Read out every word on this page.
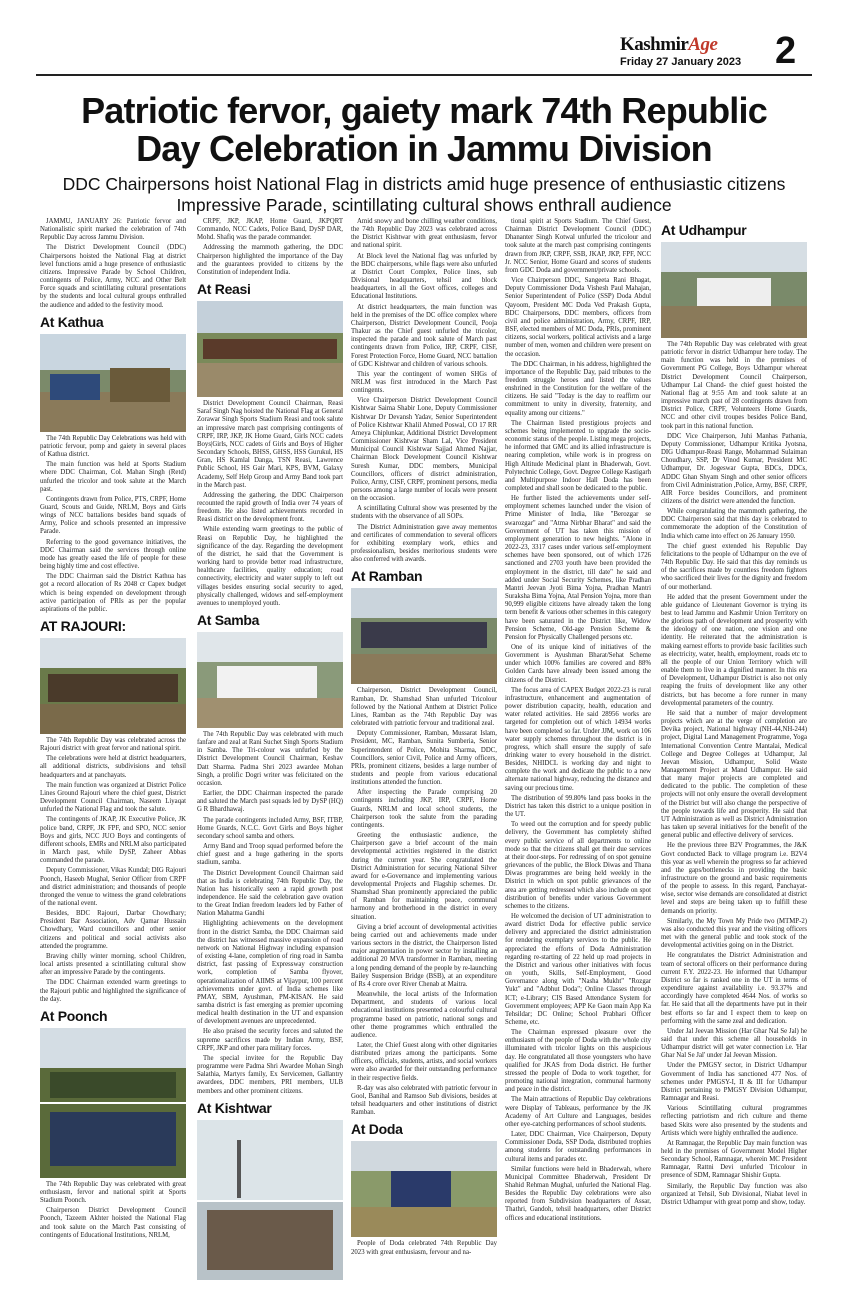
KashmirAge
Friday 27 January 2023 2
Patriotic fervor, gaiety mark 74th Republic
Day Celebration in Jammu Division
DDC Chairpersons hoist National Flag in districts amid huge presence of enthusiastic citizens
Impressive Parade, scintillating cultural shows enthrall audience

JAMMU, JANUARY 26: Patriotic fervor and Nationalistic spirit marked the celebration of 74th Republic Day across Jammu Division.

The District Development Council (DDC) Chairpersons hoisted the National Flag at district level functions amid a huge presence of enthusiastic citizens. Impressive Parade by School Children, contingents of Police, Army, NCC and Other Belt Force squads and scintillating cultural presentations by the students and local cultural groups enthralled the audience and added to the festivity mood.

At Kathua

The 74th Republic Day Celebrations was held with patriotic fervour, pomp and gaiety in several places of Kathua district.

The main function was held at Sports Stadium where DDC Chairman, Col. Mahan Singh (Retd) unfurled the tricolor and took salute at the March past.

Contingents drawn from Police, PTS, CRPF, Home Guard, Scouts and Guide, NRLM, Boys and Girls wings of NCC battalions besides band squads of Army, Police and schools presented an impressive Parade.

Referring to the good governance initiatives, the DDC Chairman said the services through online mode has greatly eased the life of people for these being highly time and cost effective.

The DDC Chairman said the District Kathua has got a record allocation of Rs 2048 cr Capex budget which is being expended on development through active participation of PRIs as per the popular aspirations of the public.

AT RAJOURI:

The 74th Republic Day was celebrated across the Rajouri district with great fervor and national spirit.

The celebrations were held at district headquarters, all additional districts, subdivisions and tehsil headquarters and at panchayats.

The main function was organized at District Police Lines Ground Rajouri where the chief guest, District Development Council Chairman, Naseem Liyaqat unfurled the National Flag and took the salute.

The contingents of JKAP, JK Executive Police, JK police band, CRPF, JK FPF, and SPO, NCC senior Boys and girls, NCC JUO Boys and contingents of different schools, EMRs and NRLM also participated in March past, while DySP, Zaheer Abbas commanded the parade.

Deputy Commissioner, Vikas Kundal; DIG Rajouri Poonch, Haseeb Mughal, Senior Officer from CRPF and district administration; and thousands of people thronged the venue to witness the grand celebrations of the national event.

Besides, BDC Rajouri, Darbar Chowdhary; President Bar Association, Adv Qamar Hussain Chowdhary, Ward councillors and other senior citizens and political and social activists also attended the programme.

Braving chilly winter morning, school Children, local artists presented a scintillating cultural show after an impressive Parade by the contingents.

The DDC Chairman extended warm greetings to the Rajouri public and highlighted the significance of the day.

At Poonch

The 74th Republic Day was celebrated with great enthusiasm, fervor and national spirit at Sports Stadium Poonch.

Chairperson District Development Council Poonch, Tazeem Akhter hoisted the National Flag and took salute on the March Past consisting of contingents of Educational Institutions, NRLM,

CRPF, JKP, JKAP, Home Guard, JKPQRT Commando, NCC Cadets, Police Band, DySP DAR, Mohd. Shafiq was the parade commander.

Addressing the mammoth gathering, the DDC Chairperson highlighted the importance of the Day and the guarantees provided to citizens by the Constitution of independent India.

At Reasi

District Development Council Chairman, Reasi Saraf Singh Nag hoisted the National Flag at General Zorawar Singh Sports Stadium Reasi and took salute an impressive march past comprising contingents of CRPF, IRP, JKP, JK Home Guard, Girls NCC cadets Boys|Girls, NCC cadets of Girls and Boys of Higher Secondary Schools, BHSS, GHSS, HSS Gurukul, HS Gran, HS Kamlal Danga, TSN Reasi, Lawrence Public School, HS Gair Mari, KPS, BVM, Galaxy Academy, Self Help Group and Army Band took part in the March past.

Addressing the gathering, the DDC Chairperson recounted the rapid growth of India over 74 years of freedom. He also listed achievements recorded in Reasi district on the development front.

While extending warm greetings to the public of Reasi on Republic Day, he highlighted the significance of the day. Regarding the development of the district, he said that the Government is working hard to provide better road infrastructure, healthcare facilities, quality education; road connectivity, electricity and water supply to left out villages besides ensuring social security to aged, physically challenged, widows and self-employment avenues to unemployed youth.

At Samba

The 74th Republic Day was celebrated with much fanfare and zeal at Rani Suchet Singh Sports Stadium in Samba. The Tri-colour was unfurled by the District Development Council Chairman, Keshav Datt Sharma. Padma Shri 2023 awardee Mohan Singh, a prolific Dogri writer was felicitated on the occasion.

Earlier, the DDC Chairman inspected the parade and saluted the March past squads led by DySP (HQ) G R Bhardhawaj.

The parade contingents included Army, BSF, ITBP, Home Guards, N.C.C. Govt Girls and Boys higher secondary school samba and others.

Army Band and Troop squad performed before the chief guest and a huge gathering in the sports stadium, samba.

The District Development Council Chairman said that as India is celebrating 74th Republic Day, the Nation has historically seen a rapid growth post independence. He said the celebration gave ovation to the Great Indian freedom leaders led by Father of Nation Mahatma Gandhi

Highlighting achievements on the development front in the district Samba, the DDC Chairman said the district has witnessed massive expansion of road network on National Highway including expansion of existing 4-lane, completion of ring road in Samba district, fast passing of Expressway construction work, completion of Samba flyover, operationalization of AIIMS at Vijaypur, 100 percent achievements under govt. of India schemes like PMAY, SBM, Ayushman, PM-KISAN. He said samba district is fast emerging as premier upcoming medical health destination in the UT and expansion of development avenues are unprecedented.

He also praised the security forces and saluted the supreme sacrifices made by Indian Army, BSF, CRPF, JKP and other para military forces.

The special invitee for the Republic Day programme were Padma Shri Awardee Mohan Singh Salathia, Martyrs family, Ex Servicemen, Gallantry awardees, DDC members, PRI members, ULB members and other prominent citizens.

At Kishtwar

Amid snowy and bone chilling weather conditions, the 74th Republic Day 2023 was celebrated across the District Kishtwar with great enthusiasm, fervor and national spirit.

At Block level the National flag was unfurled by the BDC chairpersons, while flags were also unfurled at District Court Complex, Police lines, sub Divisional headquarters, tehsil and block headquarters, in all the Govt offices, colleges and Educational Institutions.

At district headquarters, the main function was held in the premises of the DC office complex where Chairperson, District Development Council, Pooja Thakur as the Chief guest unfurled the tricolor, inspected the parade and took salute of March past contingents drawn from Police, IRP, CRPF, CISF, Forest Protection Force, Home Guard, NCC battalion of GDC Kishtwar and children of various schools.

This year the contingent of women SHGs of NRLM was first introduced in the March Past contingents.

Vice Chairperson District Development Council Kishtwar Saima Shabir Lone, Deputy Commissioner Kishtwar Dr Devansh Yadav, Senior Superintendent of Police Kishtwar Khalil Ahmed Poswal, CO 17 RR Ameya Chiplunkar, Additional District Development Commissioner Kishtwar Sham Lal, Vice President Municipal Council Kishtwar Sajjad Ahmed Najjar, Chairman Block Development Council Kishtwar Suresh Kumar, DDC members, Municipal Councillors, officers of district administration, Police, Army, CISF, CRPF, prominent persons, media persons among a large number of locals were present on the occasion.

A scintillating Cultural show was presented by the students with the observance of all SOPs.

The District Administration gave away mementos and certificates of commendation to several officers for exhibiting exemplary work, ethics and professionalism, besides meritorious students were also conferred with awards.

At Ramban

Chairperson, District Development Council, Ramban, Dr. Shamshad Shan unfurled Tricolour followed by the National Anthem at District Police Lines, Ramban as the 74th Republic Day was celebrated with patriotic fervour and traditional zeal.

Deputy Commissioner, Ramban, Mussarat Islam, President, MC, Ramban, Sunita Sumberia, Senior Superintendent of Police, Mohita Sharma, DDC, Councillors, senior Civil, Police and Army officers, PRIs, prominent citizens, besides a large number of students and people from various educational institutions attended the function.

After inspecting the Parade comprising 20 contingents including JKP, IRP, CRPF, Home Guards, NRLM and local school students, the Chairperson took the salute from the parading contingents.

Greeting the enthusiastic audience, the Chairperson gave a brief account of the main developmental activities registered in the district during the current year. She congratulated the District Administration for securing National Silver award for e-Governance and implementing various developmental Projects and Flagship schemes. Dr. Shamshad Shan prominently appreciated the public of Ramban for maintaining peace, communal harmony and brotherhood in the district in every situation.

Giving a brief account of developmental activities being carried out and achievements made under various sectors in the district, the Chairperson listed major augmentation in power sector by installing an additional 20 MVA transformer in Ramban, meeting a long pending demand of the people by re-launching Bailey Suspension Bridge (BSB), at an expenditure of Rs 4 crore over River Chenab at Maitra.

Meanwhile, the local artists of the Information Department, and students of various local educational institutions presented a colourful cultural programme based on patriotic, national songs and other theme programmes which enthralled the audience.

Later, the Chief Guest along with other dignitaries distributed prizes among the participants. Some officers, officials, students, artists, and social workers were also awarded for their outstanding performance in their respective fields.

R-day was also celebrated with patriotic fervour in Gool, Banihal and Ramsoo Sub divisions, besides at tehsil headquarters and other institutions of district Ramban.

At Doda

People of Doda celebrated 74th Republic Day 2023 with great enthusiasm, fervour and na-

tional spirit at Sports Stadium. The Chief Guest, Chairman District Development Council (DDC) Dhananter Singh Kotwal unfurled the tricolour and took salute at the march past comprising contingents drawn from JKP, CRPF, SSB, JKAP, JKP, FPF, NCC Jr. NCC Senior, Home Guard and scores of students from GDC Doda and government/private schools.

Vice Chairperson DDC, Sangeeta Rani Bhagat, Deputy Commissioner Doda Vishesh Paul Mahajan, Senior Superintendent of Police (SSP) Doda Abdul Qayoom, President MC Doda Ved Prakash Gupta, BDC Chairpersons, DDC members, officers from civil and police administration, Army, CRPF, IRP, BSF, elected members of MC Doda, PRIs, prominent citizens, social workers, political activists and a large number of men, women and children were present on the occasion.

The DDC Chairman, in his address, highlighted the importance of the Republic Day, paid tributes to the freedom struggle heroes and listed the values enshrined in the Constitution for the welfare of the citizens. He said "Today is the day to reaffirm our commitment to unity in diversity, fraternity, and equality among our citizens."

The Chairman listed prestigious projects and schemes being implemented to upgrade the socio-economic status of the people. Listing mega projects, he informed that GMC and its allied infrastructure is nearing completion, while work is in progress on High Altitude Medicinal plant in Bhaderwah, Govt. Polytechnic College, Govt. Degree College Kastigarh and Multipurpose Indoor Hall Doda has been completed and shall soon be dedicated to the public.

He further listed the achievements under self-employment schemes launched under the vision of Prime Minister of India, like "Berozgar se swarozgar" and "Atma Nirbhar Bharat" and said the Government of UT has taken this mission of employment generation to new heights. "Alone in 2022-23, 3317 cases under various self-employment schemes have been sponsored, out of which 1726 sanctioned and 2703 youth have been provided the employment in the district, till date" he said and added under Social Security Schemes, like Pradhan Mantri Jeevan Jyoti Bima Yojna, Pradhan Mantri Suraksha Bima Yojna, Atal Pension Yojna, more than 90,999 eligible citizens have already taken the long term benefit & various other schemes in this category have been saturated in the District like, Widow Pension Scheme, Old-age Pension Scheme & Pension for Physically Challenged persons etc.

One of its unique kind of initiatives of the Government is Ayushman Bharat/Sehat Scheme under which 100% families are covered and 88% Golden Cards have already been issued among the citizens of the District.

The focus area of CAPEX Budget 2022-23 is rural infrastructure, enhancement and augmentation of power distribution capacity, health, education and water related activities. He said 28956 works are targeted for completion out of which 14934 works have been completed so far. Under JJM, work on 106 water supply schemes throughout the district is in progress, which shall ensure the supply of safe drinking water to every household in the district. Besides, NHIDCL is working day and night to complete the work and dedicate the public to a new alternate national highway, reducing the distance and saving our precious time.

The distribution of 99.80% land pass books in the District has taken this district to a unique position in the UT.

To weed out the corruption and for speedy public delivery, the Government has completely shifted every public service of all departments to online mode so that the citizens shall get their due services at their door-steps. For redressing of on spot genuine grievances of the public, the Block Diwas and Thana Diwas programmes are being held weekly in the District in which on spot public grievances of the area are getting redressed which also include on spot distribution of benefits under various Government schemes to the citizens.

He welcomed the decision of UT administration to award district Doda for effective public service delivery and appreciated the district administration for rendering exemplary services to the public. He appreciated the efforts of Doda Administration regarding re-starting of 22 held up road projects in the District and various other initiatives with focus on youth, Skills, Self-Employment, Good Governance along with "Nasha Mukht" "Rozgar Yukt" and "Adbhut Doda"; Online Classes through ICT; e-Library; CIS Based Attendance System for Government employees; APP Ke Gaon main App Ka Tehsildar; DC Online; School Prabhari Officer Scheme, etc.

The Chairman expressed pleasure over the enthusiasm of the people of Doda with the whole city illuminated with tricolor lights on this auspicious day. He congratulated all those youngsters who have qualified for JKAS from Doda district. He further stressed the people of Doda to work together, for promoting national integration, communal harmony and peace in the district.

The Main attractions of Republic Day celebrations were Display of Tableaus, performance by the JK Academy of Art Culture and Languages, besides other eye-catching performances of school students.

Later, DDC Chairman, Vice Chairperson, Deputy Commissioner Doda, SSP Doda, distributed trophies among students for outstanding performances in cultural items and parades etc.

Similar functions were held in Bhaderwah, where Municipal Committee Bhaderwah, President Dr Shahid Rehman Mughal, unfurled the National Flag. Besides the Republic Day celebrations were also reported from Subdivision headquarters of Assar, Thathri, Gandoh, tehsil headquarters, other District offices and educational institutions.

At Udhampur

The 74th Republic Day was celebrated with great patriotic fervor in district Udhampur here today. The main function was held in the premises of Government PG College, Boys Udhampur whereat District Development Council Chairperson, Udhampur Lal Chand- the chief guest hoisted the National flag at 9:55 Am and took salute at an impressive march past of 28 contingents drawn from District Police, CRPF, Volunteers Home Guards, NCC and other civil troupes besides Police Band, took part in this national function.

DDC Vice Chairperson, Juhi Manhas Pathania, Deputy Commissioner, Udhampur Kritika Jyotsna, DIG Udhampur-Reasi Range, Mohammad Sulaiman Choudhary, SSP, Dr Vinod Kumar, President MC Udhampur, Dr. Jogeswar Gupta, BDCs, DDCs, ADDC Ghan Shyam Singh and other senior officers from Civil Administration ,Police, Army, BSF, CRPF, AIR Force besides Councillors, and prominent citizens of the district were attended the function.

While congratulating the mammoth gathering, the DDC Chairperson said that this day is celebrated to commemorate the adoption of the Constitution of India which came into effect on 26 January 1950.

The chief guest extended his Republic Day felicitations to the people of Udhampur on the eve of 74th Republic Day. He said that this day reminds us of the sacrifices made by countless freedom fighters who sacrificed their lives for the dignity and freedom of our motherland.

He added that the present Government under the able guidance of Lieutenant Governor is trying its best to lead Jammu and Kashmir Union Territory on the glorious path of development and prosperity with the ideology of one nation, one vision and one identity. He reiterated that the administration is making earnest efforts to provide basic facilities such as electricity, water, health, employment, roads etc to all the people of our Union Territory which will enable them to live in a dignified manner. In this era of Development, Udhampur District is also not only reaping the fruits of development like any other districts, but has become a fore runner in many developmental parameters of the country.

He said that a number of major development projects which are at the verge of completion are Devika project, National highway (NH-44,NH-244) project, Digital Land Management Programme, Yoga International Convention Centre Mantalai, Medical College and Degree Colleges at Udhampur, Jal Jeevan Mission, Udhampur, Solid Waste Management Project at Mand Udhampur. He said that many major projects are completed and dedicated to the public. The completion of these projects will not only ensure the overall development of the District but will also change the perspective of the people towards life and prosperity. He said that UT Administration as well as District Administration has taken up several initiatives for the benefit of the general public and effective delivery of services.

He the previous three B2V Programmes, the J&K Govt conducted Back to village program i.e. B2V4 this year as well wherein the progress so far achieved and the gaps/bottlenecks in providing the basic infrastructure on the ground and basic requirements of the people to assess. In this regard, Panchayat-wise, sector wise demands are consolidated at district level and steps are being taken up to fulfill these demands on priority.

Similarly, the My Town My Pride two (MTMP-2) was also conducted this year and the visiting officers met with the general public and took stock of the developmental activities going on in the District.

He congratulates the District Administration and team of sectoral officers on their performance during current F.Y. 2022-23. He informed that Udhampur District so far is ranked one in the UT in terms of expenditure against availability i.e. 93.37% and accordingly have completed 4644 Nos. of works so far. He said that all the departments have put in their best efforts so far and I expect them to keep on performing with the same zeal and dedication.

Under Jal Jeevan Mission (Har Ghar Nal Se Jal) he said that under this scheme all households in Udhampur district will get water connection i.e. 'Har Ghar Nal Se Jal' under Jal Jeevan Mission.

Under the PMGSY sector, in District Udhampur Government of India has sanctioned 477 Nos. of schemes under PMGSY-I, II & III for Udhampur District pertaining to PMGSY Division Udhampur, Ramnagar and Reasi.

Various Scintillating cultural programmes reflecting patriotism and rich culture and theme based Skits were also presented by the students and Artists which were highly enthralled the audience.

At Ramnagar, the Republic Day main function was held in the premises of Government Model Higher Secondary School, Ramnagar, wherein MC President Ramnagar, Rattni Devi unfurled Tricolour in presence of SDM, Ramnagar Shishir Gupta.

Similarly, the Republic Day function was also organized at Tehsil, Sub Divisional, Niabat level in District Udhampur with great pomp and show, today.
